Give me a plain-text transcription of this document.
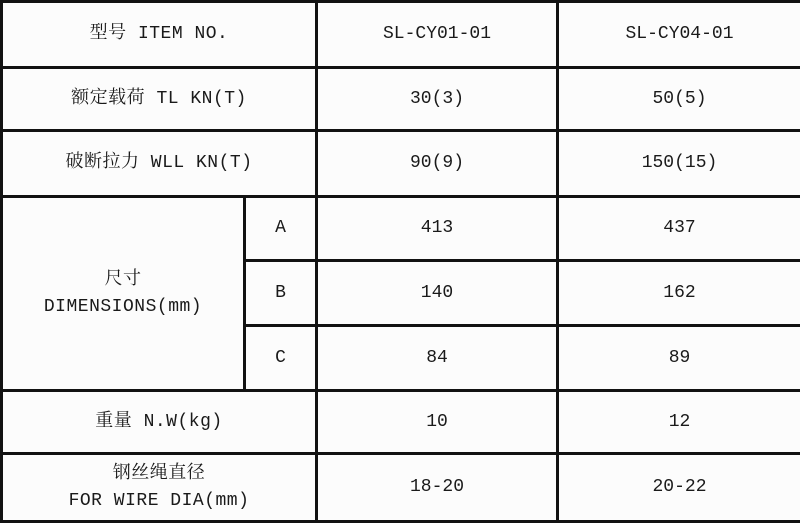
型号 ITEM NO.		SL-CY01-01	SL-CY04-01
额定载荷 TL KN(T)		30(3)	50(5)
破断拉力 WLL KN(T)		90(9)	150(15)

尺寸
DIMENSIONS(mm)	A	413	437
	B	140	162
	C	84	89
重量 N.W(kg)		10	12

钢丝绳直径
FOR WIRE DIA(mm)		18-20	20-22
